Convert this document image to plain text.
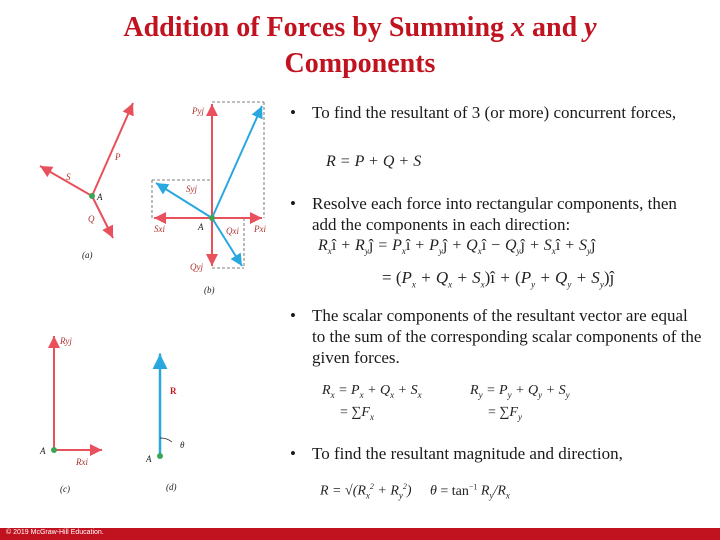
Addition of Forces by Summing x and y
Components
P
S
Q
A
(a)
Pyj
Syj
Sxi	Qxi Pxi
Qyj
A
(b)
Ryj
Rxi
A
(c)
R
θ
A
(d)
• To find the resultant of 3 (or more) concurrent forces,
R = P + Q + S
• Resolve each force into rectangular components, then add the components in each direction:
$R_xî$ + $R_yĵ$ = $P_xî$ + $P_yĵ$ + $Q_xî$ − $Q_yĵ$ + $S_xî$ + $S_yĵ$
= ($P_x + Q_x$ + $S_x)î + (P_y + Q_y$ + $S_y)ĵ$
• The scalar components of the resultant vector are equal to the sum of the corresponding scalar components of the given forces.
$R_x = P_x + Q_x + S_x$
= $\sum F_x$
$R_y = P_y + Q_y + S_y$
= $\sum F_y$
• To find the resultant magnitude and direction,
$R = √(R_x^2 + R_y^2) \theta = \tan^{-1} R_y/R_x$
© 2019 McGraw-Hill Education.
